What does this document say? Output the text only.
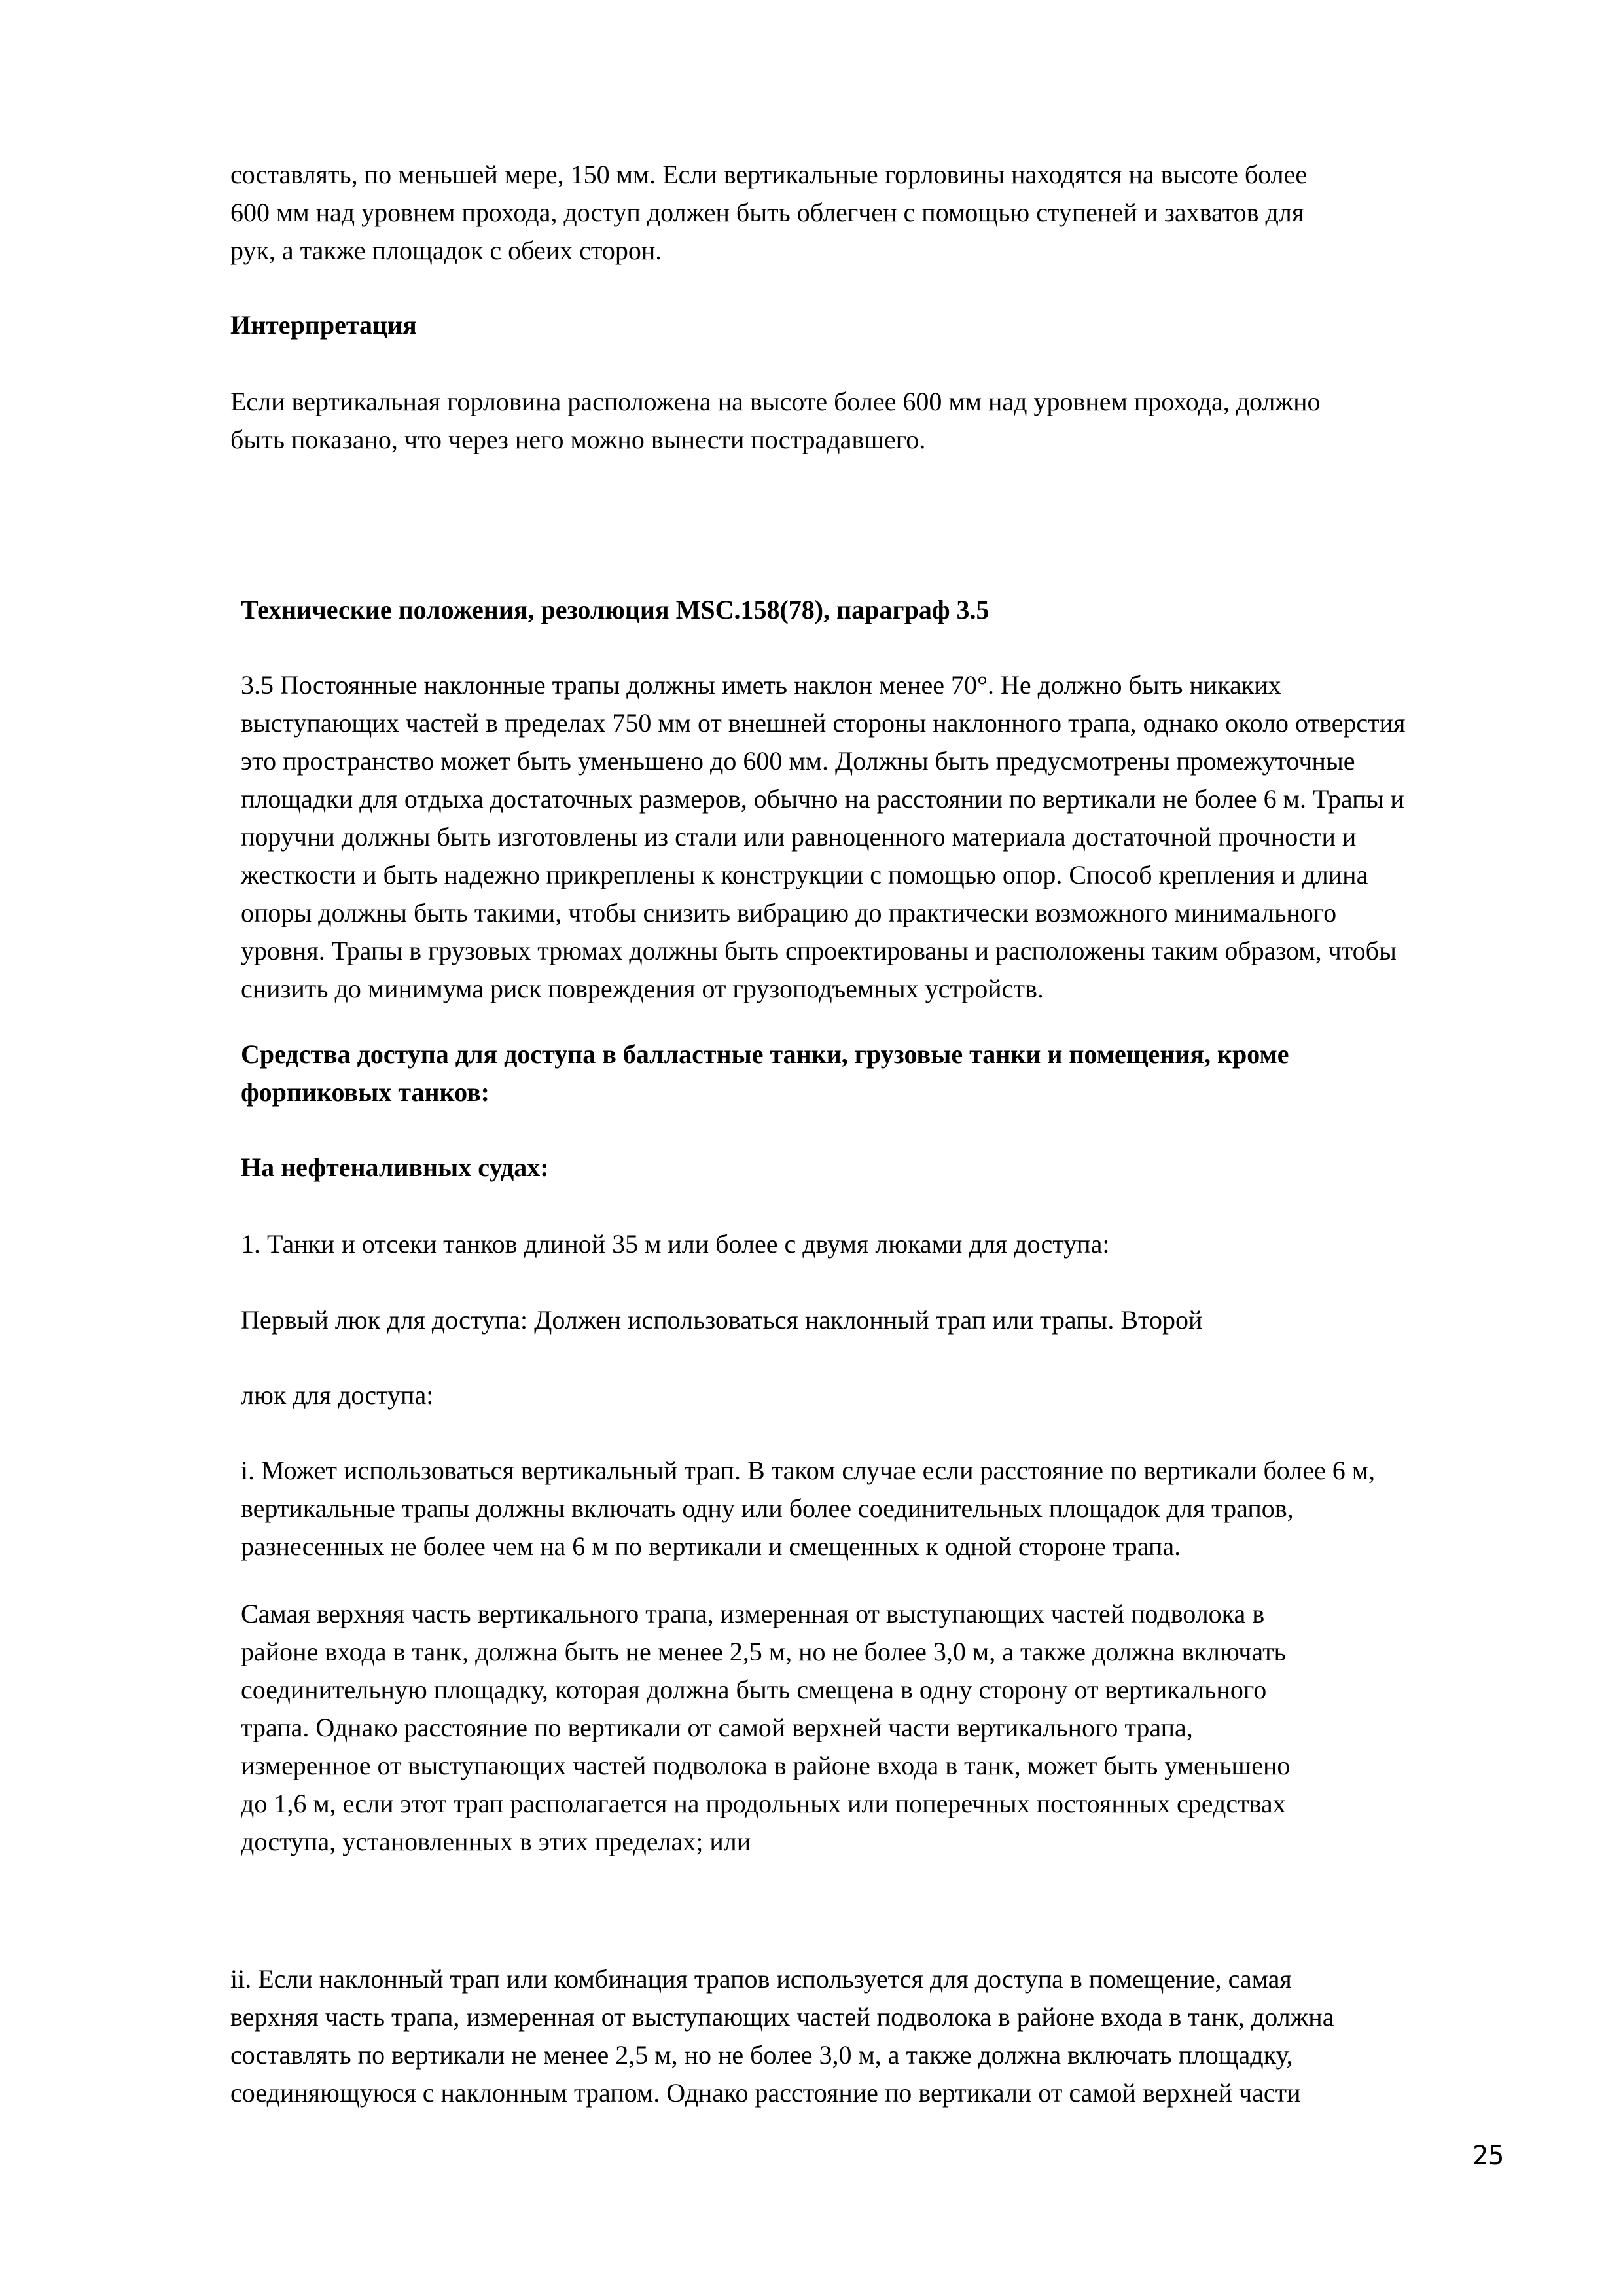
составлять, по меньшей мере, 150 мм. Если вертикальные горловины находятся на высоте более
600 мм над уровнем прохода, доступ должен быть облегчен с помощью ступеней и захватов для
рук, а также площадок с обеих сторон.
Интерпретация
Если вертикальная горловина расположена на высоте более 600 мм над уровнем прохода, должно
быть показано, что через него можно вынести пострадавшего.
Технические положения, резолюция MSC.158(78), параграф 3.5
3.5 Постоянные наклонные трапы должны иметь наклон менее 70°. Не должно быть никаких
выступающих частей в пределах 750 мм от внешней стороны наклонного трапа, однако около отверстия
это пространство может быть уменьшено до 600 мм. Должны быть предусмотрены промежуточные
площадки для отдыха достаточных размеров, обычно на расстоянии по вертикали не более 6 м. Трапы и
поручни должны быть изготовлены из стали или равноценного материала достаточной прочности и
жесткости и быть надежно прикреплены к конструкции с помощью опор. Способ крепления и длина
опоры должны быть такими, чтобы снизить вибрацию до практически возможного минимального
уровня. Трапы в грузовых трюмах должны быть спроектированы и расположены таким образом, чтобы
снизить до минимума риск повреждения от грузоподъемных устройств.
Средства доступа для доступа в балластные танки, грузовые танки и помещения, кроме
форпиковых танков:
На нефтеналивных судах:
1. Танки и отсеки танков длиной 35 м или более с двумя люками для доступа:
Первый люк для доступа: Должен использоваться наклонный трап или трапы. Второй
люк для доступа:
i. Может использоваться вертикальный трап. В таком случае если расстояние по вертикали более 6 м,
вертикальные трапы должны включать одну или более соединительных площадок для трапов,
разнесенных не более чем на 6 м по вертикали и смещенных к одной стороне трапа.
Самая верхняя часть вертикального трапа, измеренная от выступающих частей подволока в
районе входа в танк, должна быть не менее 2,5 м, но не более 3,0 м, а также должна включать
соединительную площадку, которая должна быть смещена в одну сторону от вертикального
трапа. Однако расстояние по вертикали от самой верхней части вертикального трапа,
измеренное от выступающих частей подволока в районе входа в танк, может быть уменьшено
до 1,6 м, если этот трап располагается на продольных или поперечных постоянных средствах
доступа, установленных в этих пределах; или
ii. Если наклонный трап или комбинация трапов используется для доступа в помещение, самая
верхняя часть трапа, измеренная от выступающих частей подволока в районе входа в танк, должна
составлять по вертикали не менее 2,5 м, но не более 3,0 м, а также должна включать площадку,
соединяющуюся с наклонным трапом. Однако расстояние по вертикали от самой верхней части
25
